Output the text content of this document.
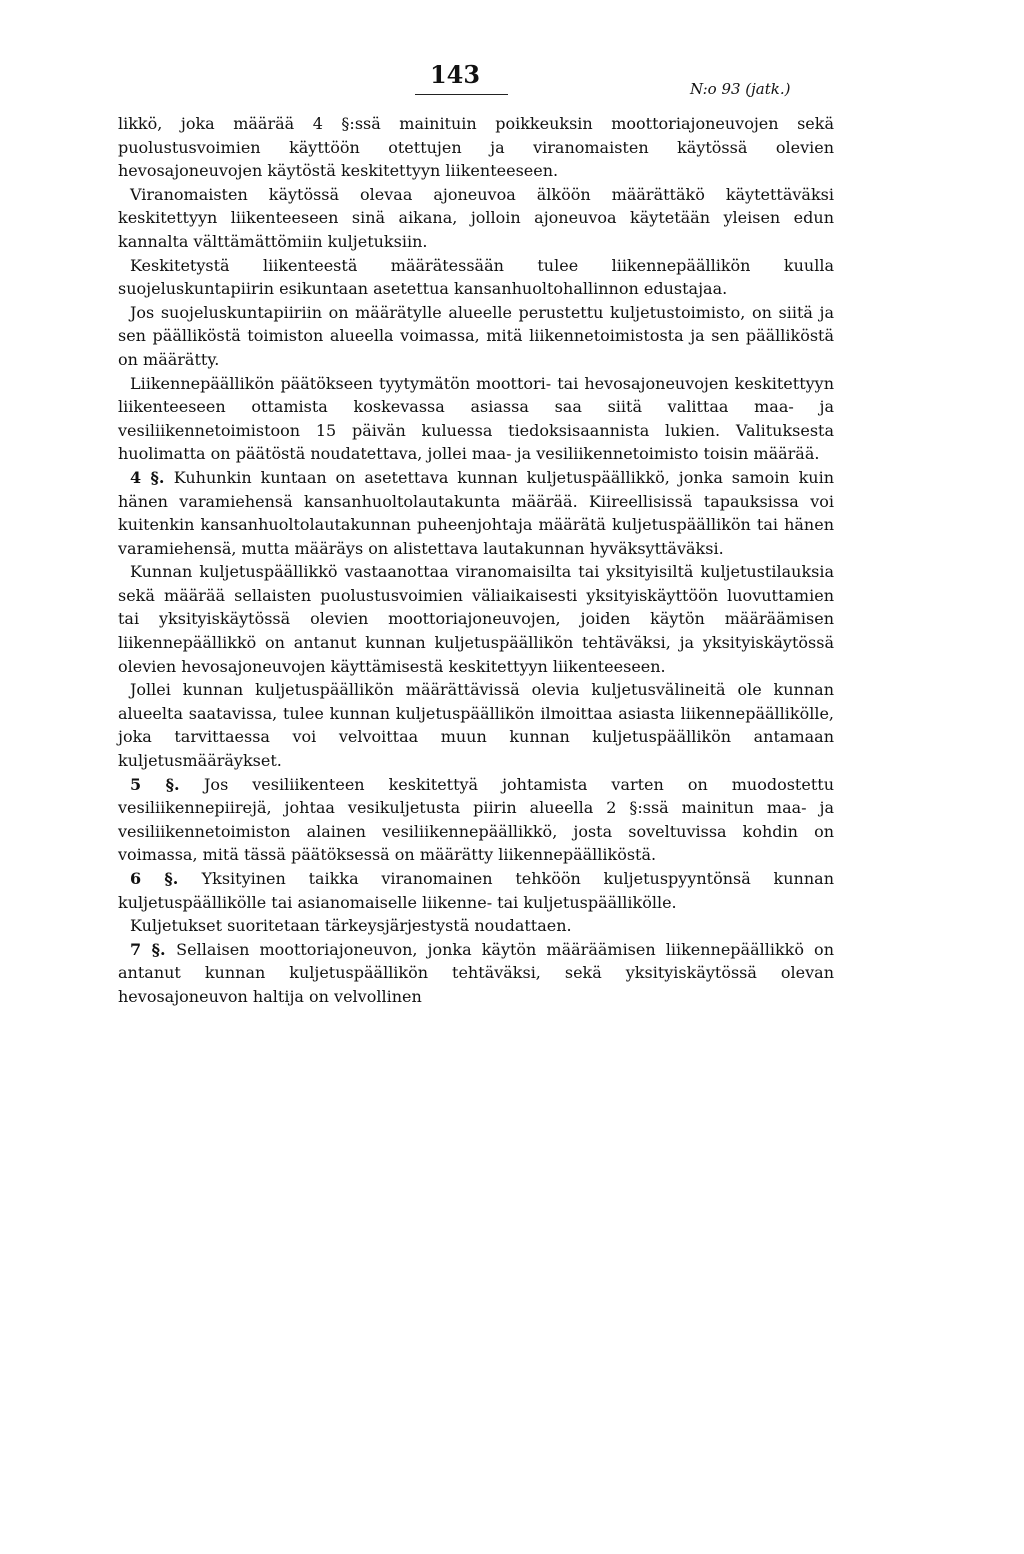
143	N:o 93 (jatk.)

likkö, joka määrää 4 §:ssä mainituin poikkeuksin moottoriajoneuvojen sekä puolustusvoimien käyttöön otettujen ja viranomaisten käytössä olevien hevosajoneuvojen käytöstä keskitettyyn liikenteeseen.

Viranomaisten käytössä olevaa ajoneuvoa älköön määrättäkö käytettäväksi keskitettyyn liikenteeseen sinä aikana, jolloin ajoneuvoa käytetään yleisen edun kannalta välttämättömiin kuljetuksiin.

Keskitetystä liikenteestä määrätessään tulee liikennepäällikön kuulla suojeluskuntapiirin esikuntaan asetettua kansanhuoltohallinnon edustajaa.

Jos suojeluskuntapiiriin on määrätylle alueelle perustettu kuljetustoimisto, on siitä ja sen päälliköstä toimiston alueella voimassa, mitä liikennetoimistosta ja sen päälliköstä on määrätty.

Liikennepäällikön päätökseen tyytymätön moottori- tai hevosajoneuvojen keskitettyyn liikenteeseen ottamista koskevassa asiassa saa siitä valittaa maa- ja vesiliikennetoimistoon 15 päivän kuluessa tiedoksisaannista lukien. Valituksesta huolimatta on päätöstä noudatettava, jollei maa- ja vesiliikennetoimisto toisin määrää.

4 §. Kuhunkin kuntaan on asetettava kunnan kuljetuspäällikkö, jonka samoin kuin hänen varamiehensä kansanhuoltolautakunta määrää. Kiireellisissä tapauksissa voi kuitenkin kansanhuoltolautakunnan puheenjohtaja määrätä kuljetuspäällikön tai hänen varamiehensä, mutta määräys on alistettava lautakunnan hyväksyttäväksi.

Kunnan kuljetuspäällikkö vastaanottaa viranomaisilta tai yksityisiltä kuljetustilauksia sekä määrää sellaisten puolustusvoimien väliaikaisesti yksityiskäyttöön luovuttamien tai yksityiskäytössä olevien moottoriajoneuvojen, joiden käytön määräämisen liikennepäällikkö on antanut kunnan kuljetuspäällikön tehtäväksi, ja yksityiskäytössä olevien hevosajoneuvojen käyttämisestä keskitettyyn liikenteeseen.

Jollei kunnan kuljetuspäällikön määrättävissä olevia kuljetusvälineitä ole kunnan alueelta saatavissa, tulee kunnan kuljetuspäällikön ilmoittaa asiasta liikennepäällikölle, joka tarvittaessa voi velvoittaa muun kunnan kuljetuspäällikön antamaan kuljetusmääräykset.

5 §. Jos vesiliikenteen keskitettyä johtamista varten on muodostettu vesiliikennepiirejä, johtaa vesikuljetusta piirin alueella 2 §:ssä mainitun maa- ja vesiliikennetoimiston alainen vesiliikennepäällikkö, josta soveltuvissa kohdin on voimassa, mitä tässä päätöksessä on määrätty liikennepäälliköstä.

6 §. Yksityinen taikka viranomainen tehköön kuljetuspyyntönsä kunnan kuljetuspäällikölle tai asianomaiselle liikenne- tai kuljetuspäällikölle.

Kuljetukset suoritetaan tärkeysjärjestystä noudattaen.

7 §. Sellaisen moottoriajoneuvon, jonka käytön määräämisen liikennepäällikkö on antanut kunnan kuljetuspäällikön tehtäväksi, sekä yksityiskäytössä olevan hevosajoneuvon haltija on velvollinen
